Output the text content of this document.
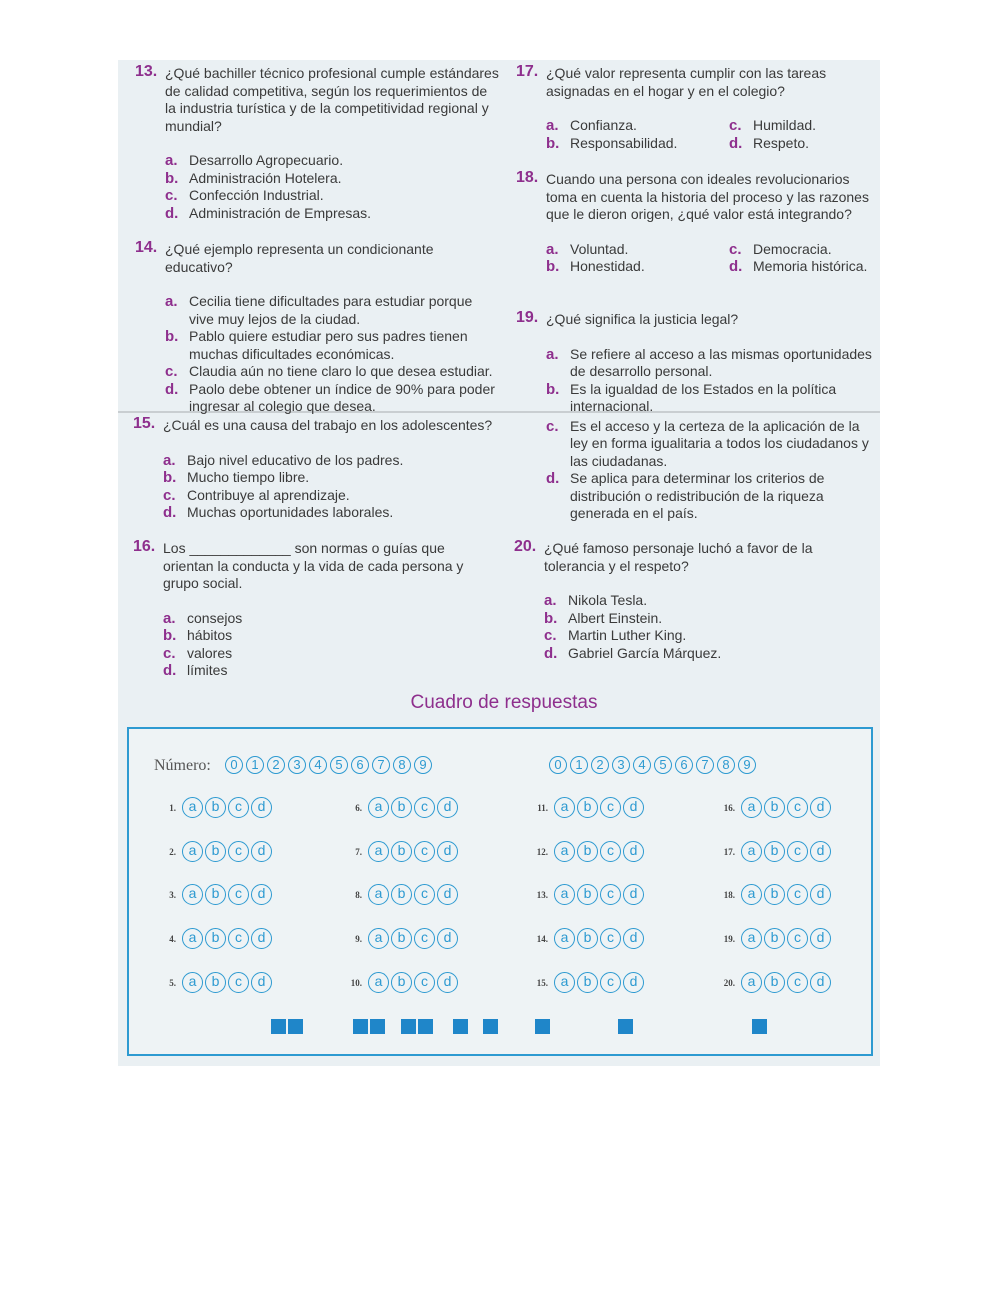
13. ¿Qué bachiller técnico profesional cumple estándares de calidad competitiva, según los requerimientos de la industria turística y de la competitividad regional y mundial?
a. Desarrollo Agropecuario.
b. Administración Hotelera.
c. Confección Industrial.
d. Administración de Empresas.
14. ¿Qué ejemplo representa un condicionante educativo?
a. Cecilia tiene dificultades para estudiar porque vive muy lejos de la ciudad.
b. Pablo quiere estudiar pero sus padres tienen muchas dificultades económicas.
c. Claudia aún no tiene claro lo que desea estudiar.
d. Paolo debe obtener un índice de 90% para poder ingresar al colegio que desea.
15. ¿Cuál es una causa del trabajo en los adolescentes?
a. Bajo nivel educativo de los padres.
b. Mucho tiempo libre.
c. Contribuye al aprendizaje.
d. Muchas oportunidades laborales.
16. Los _____________ son normas o guías que orientan la conducta y la vida de cada persona y grupo social.
a. consejos
b. hábitos
c. valores
d. límites
17. ¿Qué valor representa cumplir con las tareas asignadas en el hogar y en el colegio?
a. Confianza.	c. Humildad.
b. Responsabilidad.	d. Respeto.
18. Cuando una persona con ideales revolucionarios toma en cuenta la historia del proceso y las razones que le dieron origen, ¿qué valor está integrando?
a. Voluntad.	c. Democracia.
b. Honestidad.	d. Memoria histórica.
19. ¿Qué significa la justicia legal?
a. Se refiere al acceso a las mismas oportunidades de desarrollo personal.
b. Es la igualdad de los Estados en la política internacional.
c. Es el acceso y la certeza de la aplicación de la ley en forma igualitaria a todos los ciudadanos y las ciudadanas.
d. Se aplica para determinar los criterios de distribución o redistribución de la riqueza generada en el país.
20. ¿Qué famoso personaje luchó a favor de la tolerancia y el respeto?
a. Nikola Tesla.
b. Albert Einstein.
c. Martin Luther King.
d. Gabriel García Márquez.
Cuadro de respuestas
Número:	0	1	2	3	4	5	6	7	8	9	0	1	2	3	4	5	6	7	8	9
1. a	b	c	d
2. a	b	c	d
3. a	b	c	d
4. a	b	c	d
5. a	b	c	d
6. a	b	c	d
7. a	b	c	d
8. a	b	c	d
9. a	b	c	d
10. a	b	c	d
11. a	b	c	d
12. a	b	c	d
13. a	b	c	d
14. a	b	c	d
15. a	b	c	d
16. a	b	c	d
17. a	b	c	d
18. a	b	c	d
19. a	b	c	d
20. a	b	c	d
